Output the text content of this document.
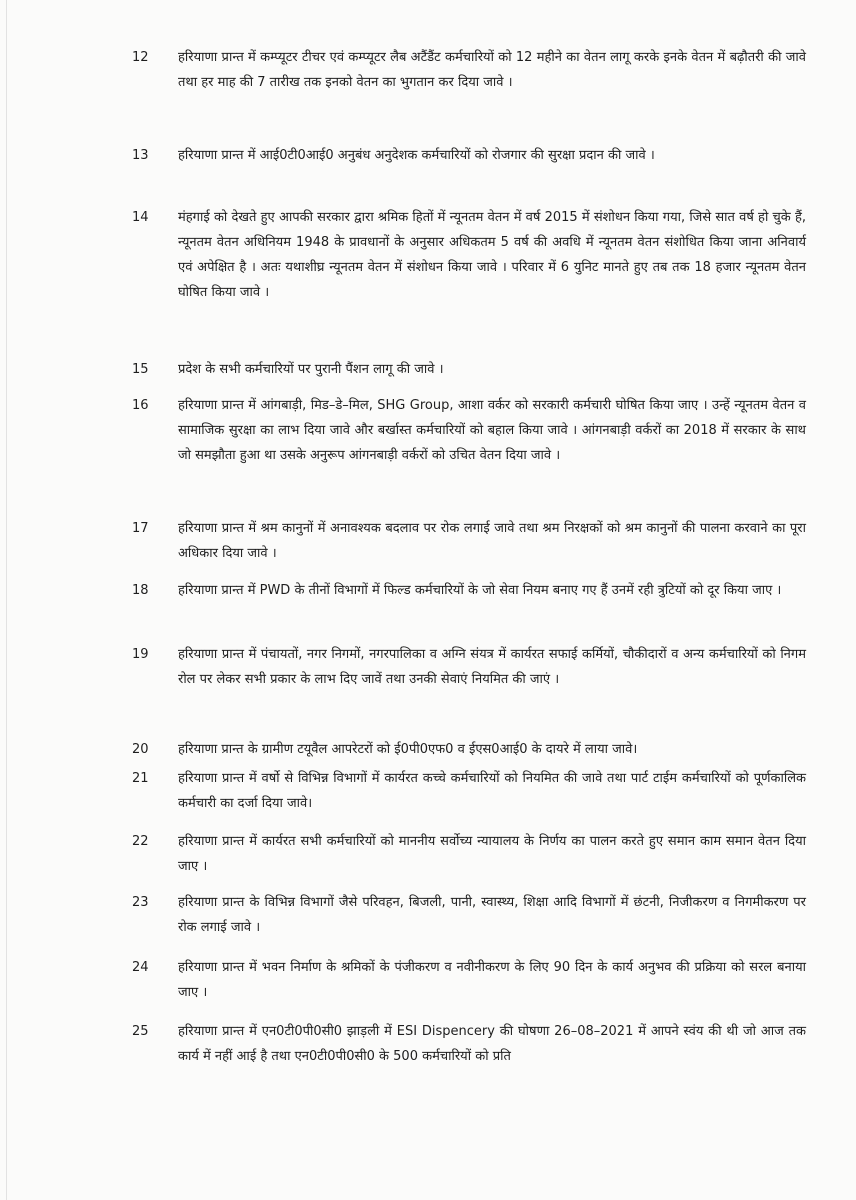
12	हरियाणा प्रान्त में कम्प्यूटर टीचर एवं कम्प्यूटर लैब अटैंडैंट कर्मचारियों को 12 महीने का वेतन लागू करके इनके वेतन में बढ़ौतरी की जावे तथा हर माह की 7 तारीख तक इनको वेतन का भुगतान कर दिया जावे ।

13	हरियाणा प्रान्त में आई0टी0आई0 अनुबंध अनुदेशक कर्मचारियों को रोजगार की सुरक्षा प्रदान की जावे ।

14	मंहगाई को देखते हुए आपकी सरकार द्वारा श्रमिक हितों में न्यूनतम वेतन में वर्ष 2015 में संशोधन किया गया, जिसे सात वर्ष हो चुके हैं, न्यूनतम वेतन अधिनियम 1948 के प्रावधानों के अनुसार अधिकतम 5 वर्ष की अवधि में न्यूनतम वेतन संशोधित किया जाना अनिवार्य एवं अपेक्षित है । अतः यथाशीघ्र न्यूनतम वेतन में संशोधन किया जावे । परिवार में 6 युनिट मानते हुए तब तक 18 हजार न्यूनतम वेतन घोषित किया जावे ।

15	प्रदेश के सभी कर्मचारियों पर पुरानी पैंशन लागू की जावे ।

16	हरियाणा प्रान्त में आंगबाड़ी, मिड–डे–मिल, SHG Group, आशा वर्कर को सरकारी कर्मचारी घोषित किया जाए । उन्हें न्यूनतम वेतन व सामाजिक सुरक्षा का लाभ दिया जावे और बर्खास्त कर्मचारियों को बहाल किया जावे । आंगनबाड़ी वर्करों का 2018 में सरकार के साथ जो समझौता हुआ था उसके अनुरूप आंगनबाड़ी वर्करों को उचित वेतन दिया जावे ।

17	हरियाणा प्रान्त में श्रम कानुनों में अनावश्यक बदलाव पर रोक लगाई जावे तथा श्रम निरक्षकों को श्रम कानुनों की पालना करवाने का पूरा अधिकार दिया जावे ।

18	हरियाणा प्रान्त में PWD के तीनों विभागों में फिल्ड कर्मचारियों के जो सेवा नियम बनाए गए हैं उनमें रही त्रुटियों को दूर किया जाए ।

19	हरियाणा प्रान्त में पंचायतों, नगर निगमों, नगरपालिका व अग्नि संयत्र में कार्यरत सफाई कर्मियों, चौकीदारों व अन्य कर्मचारियों को निगम रोल पर लेकर सभी प्रकार के लाभ दिए जावें तथा उनकी सेवाएं नियमित की जाएं ।

20	हरियाणा प्रान्त के ग्रामीण टयूवैल आपरेटरों को ई0पी0एफ0 व ईएस0आई0 के दायरे में लाया जावे।

21	हरियाणा प्रान्त में वर्षो से विभिन्न विभागों में कार्यरत कच्चे कर्मचारियों को नियमित की जावे तथा पार्ट टाईम कर्मचारियों को पूर्णकालिक कर्मचारी का दर्जा दिया जावे।

22	हरियाणा प्रान्त में कार्यरत सभी कर्मचारियों को माननीय सर्वोच्य न्यायालय के निर्णय का पालन करते हुए समान काम समान वेतन दिया जाए ।

23	हरियाणा प्रान्त के विभिन्न विभागों जैसे परिवहन, बिजली, पानी, स्वास्थ्य, शिक्षा आदि विभागों में छंटनी, निजीकरण व निगमीकरण पर रोक लगाई जावे ।

24	हरियाणा प्रान्त में भवन निर्माण के श्रमिकों के पंजीकरण व नवीनीकरण के लिए 90 दिन के कार्य अनुभव की प्रक्रिया को सरल बनाया जाए ।

25	हरियाणा प्रान्त में एन0टी0पी0सी0 झाड़ली में ESI Dispencery की घोषणा 26–08–2021 में आपने स्वंय की थी जो आज तक कार्य में नहीं आई है तथा एन0टी0पी0सी0 के 500 कर्मचारियों को प्रति
